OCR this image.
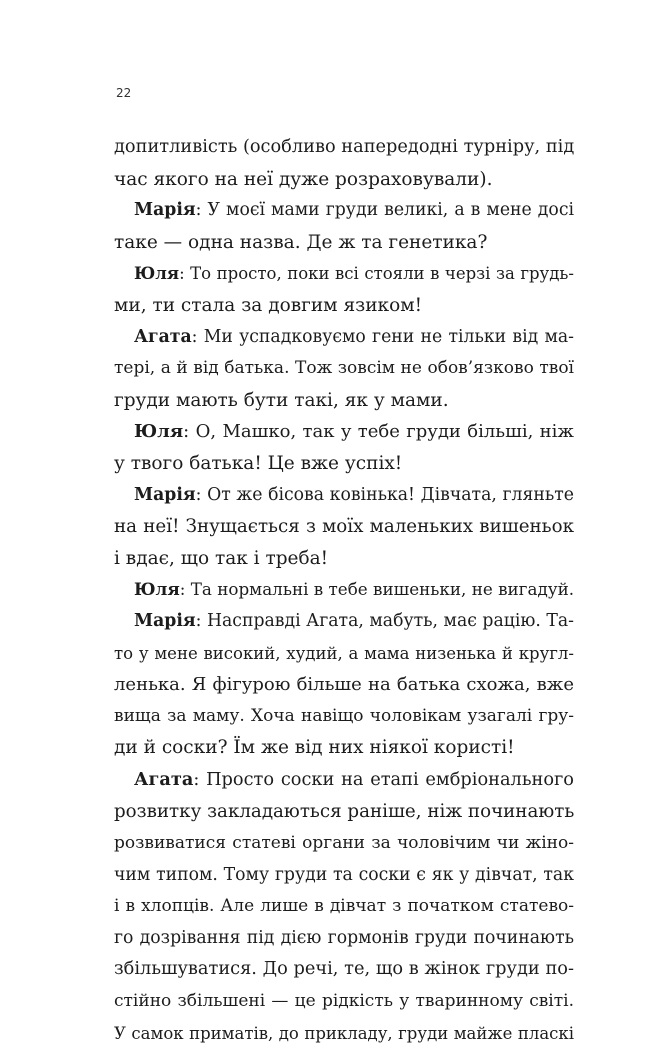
22
допитливість (особливо напередодні турніру, під
час якого на неї дуже розраховували).
Марія: У моєї мами груди великі, а в мене досі
таке — одна назва. Де ж та генетика?
Юля: То просто, поки всі стояли в черзі за грудь-
ми, ти стала за довгим язиком!
Агата: Ми успадковуємо гени не тільки від ма-
тері, а й від батька. Тож зовсім не обов’язково твої
груди мають бути такі, як у мами.
Юля: О, Машко, так у тебе груди більші, ніж
у твого батька! Це вже успіх!
Марія: От же бісова ковінька! Дівчата, гляньте
на неї! Знущається з моїх маленьких вишеньок
і вдає, що так і треба!
Юля: Та нормальні в тебе вишеньки, не вигадуй.
Марія: Насправді Агата, мабуть, має рацію. Та-
то у мене високий, худий, а мама низенька й кругл-
ленька. Я фігурою більше на батька схожа, вже
вища за маму. Хоча навіщо чоловікам узагалі гру-
ди й соски? Їм же від них ніякої користі!
Агата: Просто соски на етапі ембріонального
розвитку закладаються раніше, ніж починають
розвиватися статеві органи за чоловічим чи жіно-
чим типом. Тому груди та соски є як у дівчат, так
і в хлопців. Але лише в дівчат з початком статево-
го дозрівання під дією гормонів груди починають
збільшуватися. До речі, те, що в жінок груди по-
стійно збільшені — це рідкість у тваринному світі.
У самок приматів, до прикладу, груди майже пласкі
